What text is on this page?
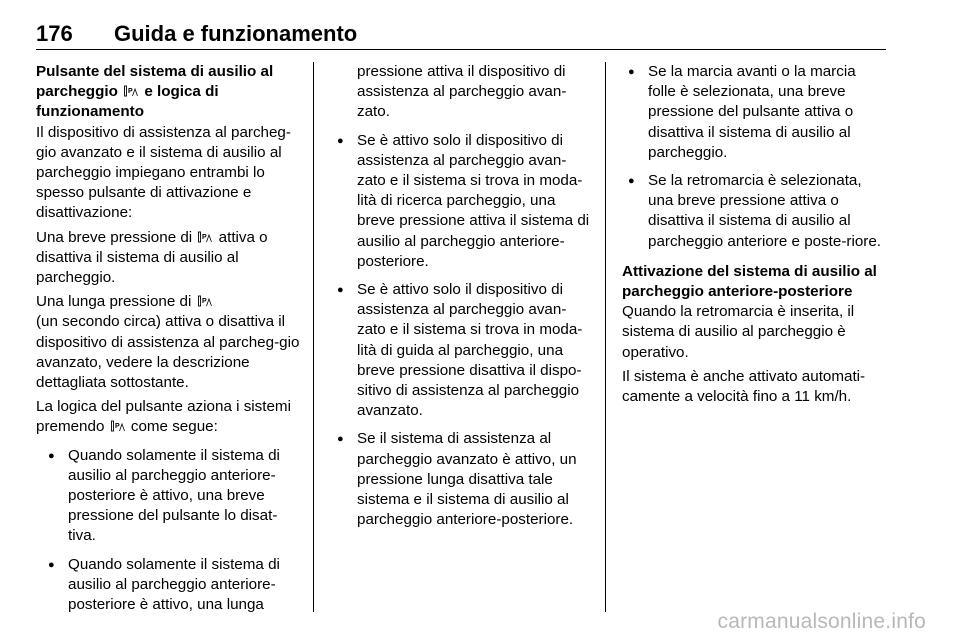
176 Guida e funzionamento
Pulsante del sistema di ausilio al parcheggio P e logica di funzionamento

Il dispositivo di assistenza al parcheg-gio avanzato e il sistema di ausilio al parcheggio impiegano entrambi lo spesso pulsante di attivazione e disattivazione:

Una breve pressione di P attiva o disattiva il sistema di ausilio al parcheggio.

Una lunga pressione di P

(un secondo circa) attiva o disattiva il dispositivo di assistenza al parcheg-gio avanzato, vedere la descrizione dettagliata sottostante.

La logica del pulsante aziona i sistemi premendo P come segue:

● Quando solamente il sistema di ausilio al parcheggio anteriore-posteriore è attivo, una breve pressione del pulsante lo disat-tiva.
● Quando solamente il sistema di ausilio al parcheggio anteriore-posteriore è attivo, una lunga
pressione attiva il dispositivo di assistenza al parcheggio avan-zato.
● Se è attivo solo il dispositivo di assistenza al parcheggio avan-zato e il sistema si trova in moda-lità di ricerca parcheggio, una breve pressione attiva il sistema di ausilio al parcheggio anteriore-posteriore.
● Se è attivo solo il dispositivo di assistenza al parcheggio avan-zato e il sistema si trova in moda-lità di guida al parcheggio, una breve pressione disattiva il dispo-sitivo di assistenza al parcheggio avanzato.
● Se il sistema di assistenza al parcheggio avanzato è attivo, un pressione lunga disattiva tale sistema e il sistema di ausilio al parcheggio anteriore-posteriore.
● Se la marcia avanti o la marcia folle è selezionata, una breve pressione del pulsante attiva o disattiva il sistema di ausilio al parcheggio.
● Se la retromarcia è selezionata, una breve pressione attiva o disattiva il sistema di ausilio al parcheggio anteriore e poste-riore.
Attivazione del sistema di ausilio al parcheggio anteriore-posteriore

Quando la retromarcia è inserita, il sistema di ausilio al parcheggio è operativo.

Il sistema è anche attivato automati-camente a velocità fino a 11 km/h.

carmanualsonline.info
